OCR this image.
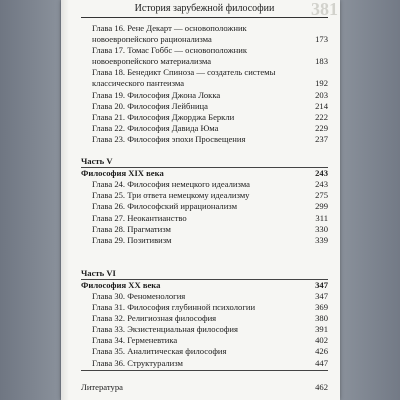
История зарубежной философии	381
Глава 16. Рене Декарт — основоположник
новоевропейского рационализма	173
Глава 17. Томас Гоббс — основоположник
новоевропейского материализма	183
Глава 18. Бенедикт Спиноза — создатель системы
классического пантеизма	192
Глава 19. Философия Джона Локка	203
Глава 20. Философия Лейбница	214
Глава 21. Философия Джорджа Беркли	222
Глава 22. Философия Давида Юма	229
Глава 23. Философия эпохи Просвещения	237
Часть V
Философия XIX века	243
Глава 24. Философия немецкого идеализма	243
Глава 25. Три ответа немецкому идеализму	275
Глава 26. Философский иррационализм	299
Глава 27. Неокантианство	311
Глава 28. Прагматизм	330
Глава 29. Позитивизм	339
Часть VI
Философия XX века	347
Глава 30. Феноменология	347
Глава 31. Философия глубинной психологии	369
Глава 32. Религиозная философия	380
Глава 33. Экзистенциальная философия	391
Глава 34. Герменевтика	402
Глава 35. Аналитическая философия	426
Глава 36. Структурализм	447
Литература	462
